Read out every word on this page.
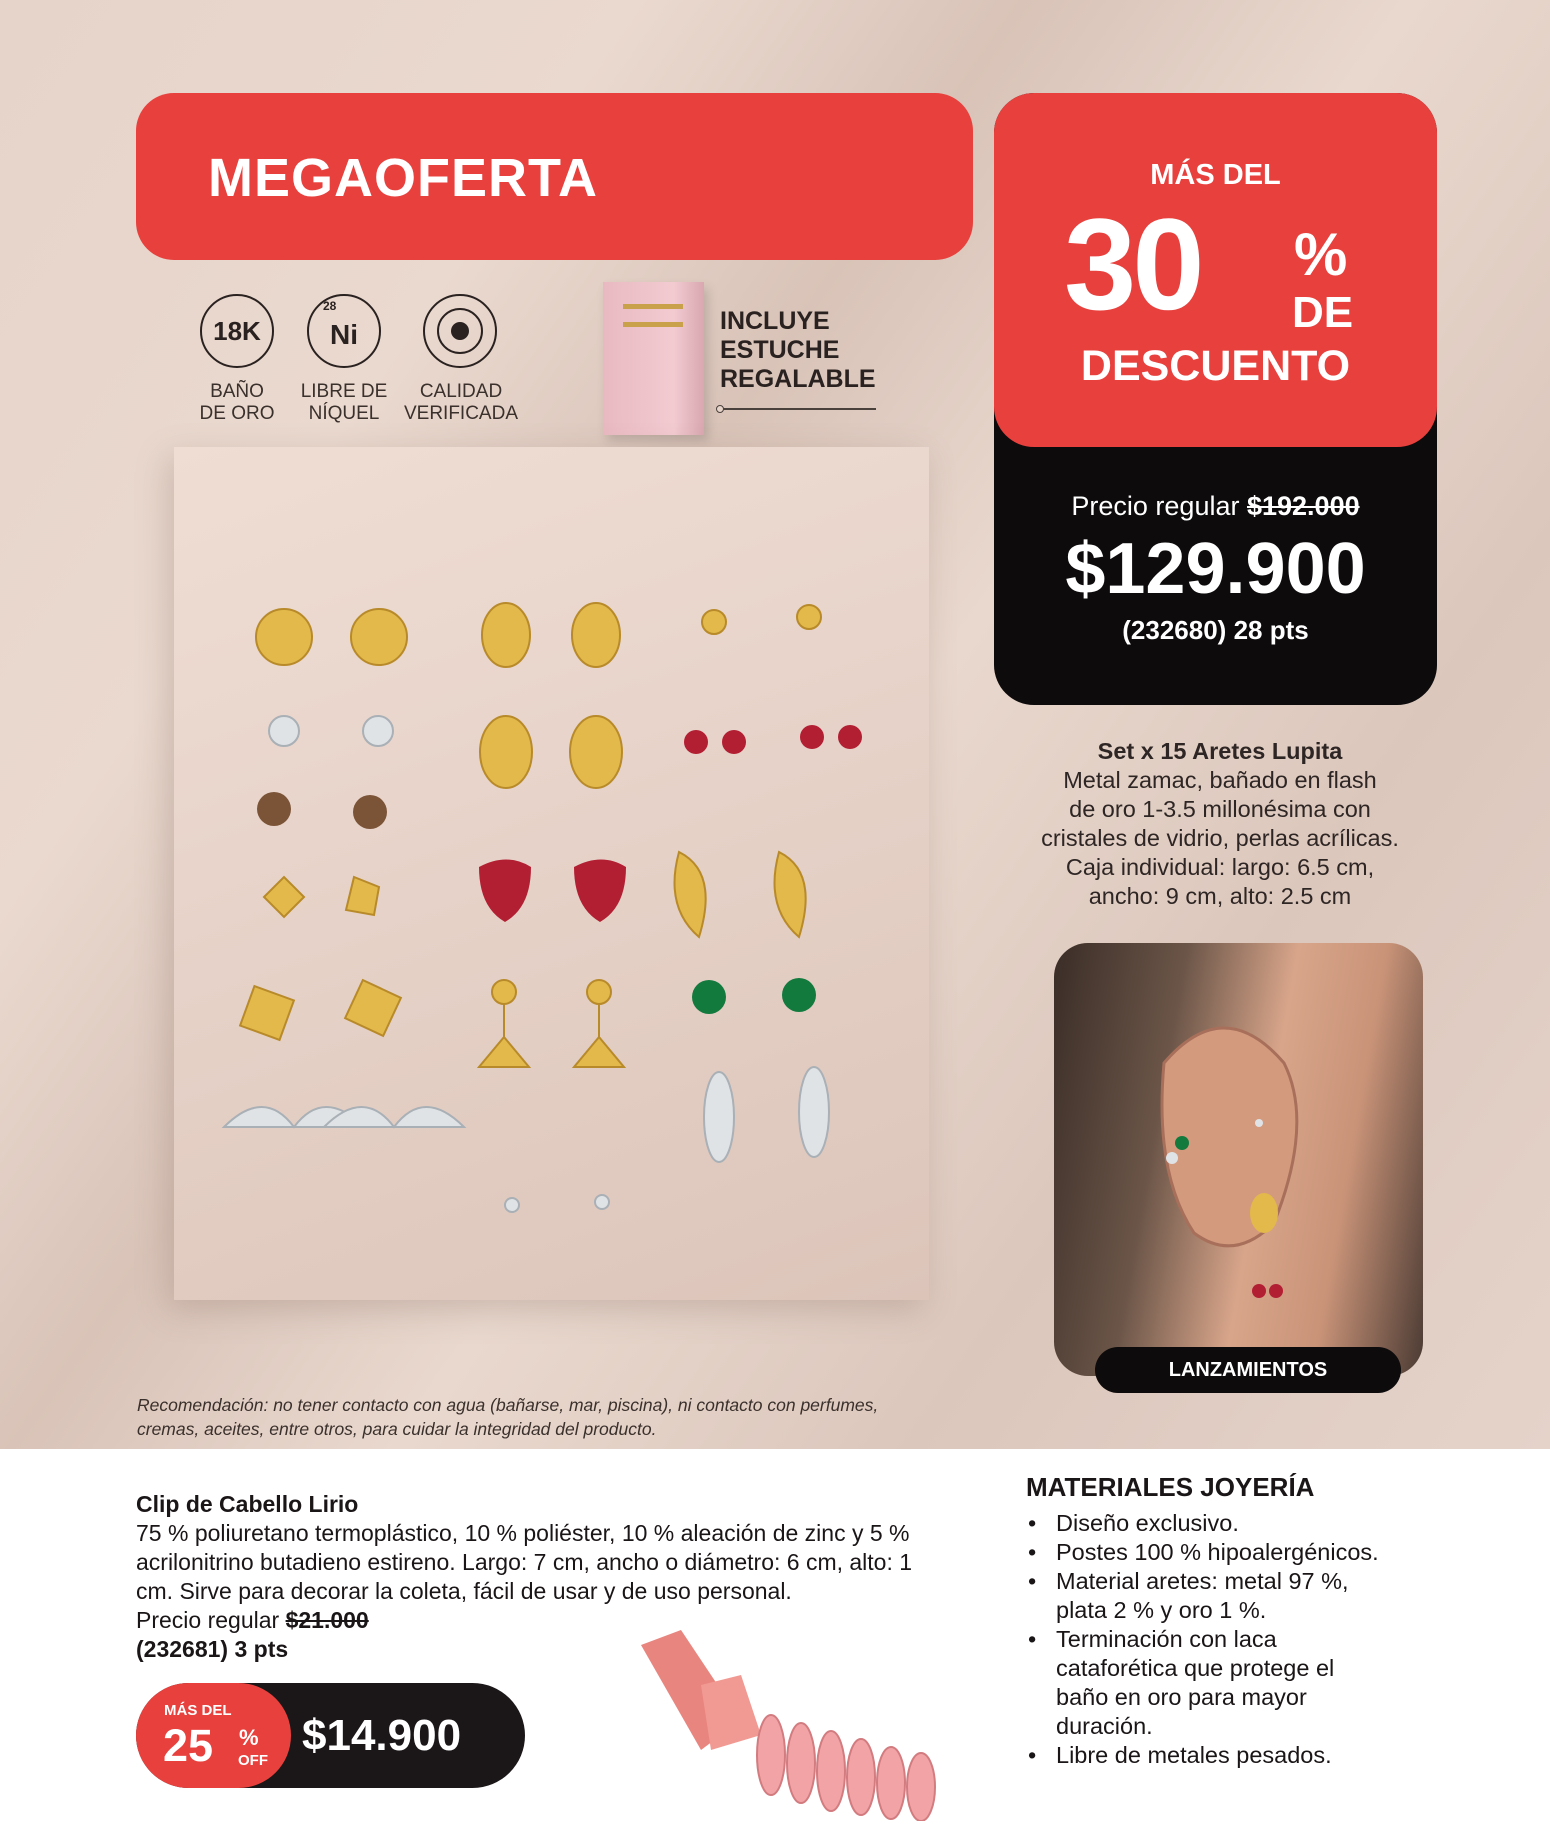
MEGAOFERTA
18K
28
Ni
BAÑO
DE ORO
LIBRE DE
NÍQUEL
CALIDAD
VERIFICADA
INCLUYE
ESTUCHE
REGALABLE
MÁS DEL
30 %
DE
DESCUENTO
Precio regular $192.000
$129.900
(232680) 28 pts
Set x 15 Aretes Lupita
Metal zamac, bañado en flash
de oro 1-3.5 millonésima con
cristales de vidrio, perlas acrílicas.
Caja individual: largo: 6.5 cm,
ancho: 9 cm, alto: 2.5 cm
LANZAMIENTOS
Recomendación: no tener contacto con agua (bañarse, mar, piscina), ni contacto con perfumes,
cremas, aceites, entre otros, para cuidar la integridad del producto.
Clip de Cabello Lirio
75 % poliuretano termoplástico, 10 % poliéster, 10 % aleación de zinc y 5 %
acrilonitrino butadieno estireno. Largo: 7 cm, ancho o diámetro: 6 cm, alto: 1
cm. Sirve para decorar la coleta, fácil de usar y de uso personal.
Precio regular $21.000
(232681) 3 pts
MÁS DEL
25 %
OFF
$14.900
MATERIALES JOYERÍA
• Diseño exclusivo.
• Postes 100 % hipoalergénicos.
• Material aretes: metal 97 %, plata 2 % y oro 1 %.
• Terminación con laca cataforética que protege el baño en oro para mayor duración.
• Libre de metales pesados.
